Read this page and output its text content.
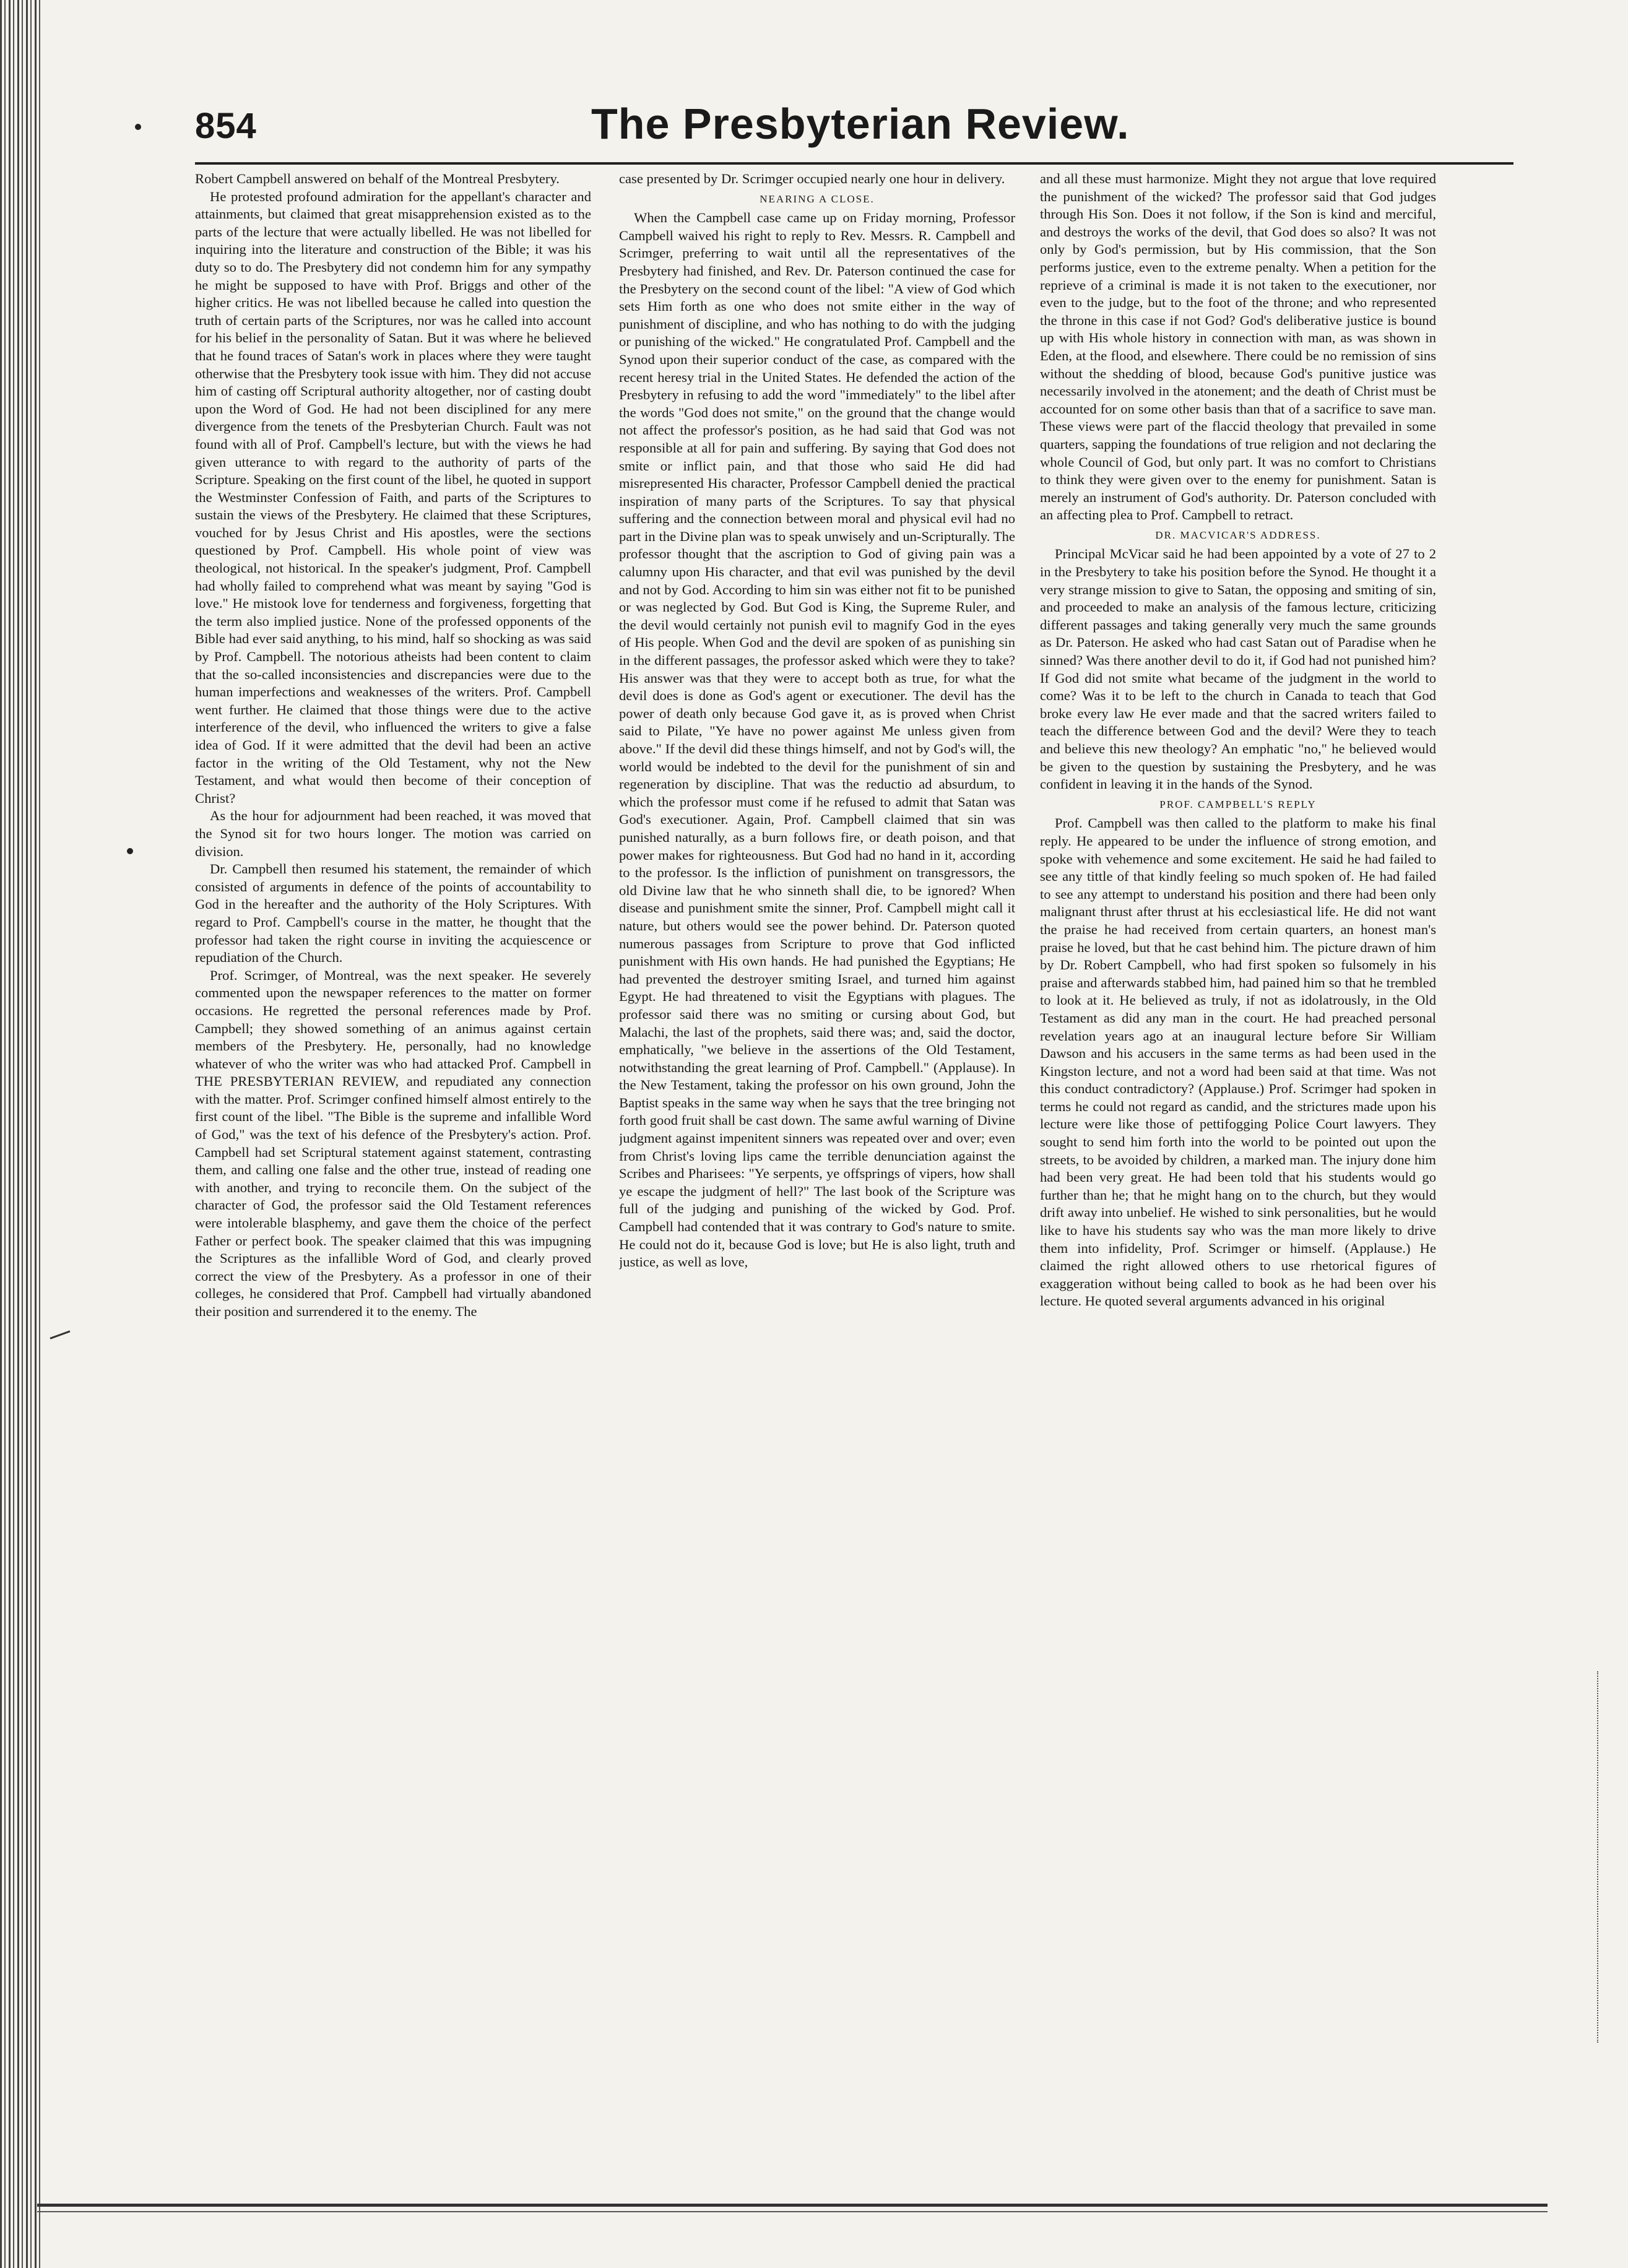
854	The Presbyterian Review.

Robert Campbell answered on behalf of the Montreal Presbytery.

He protested profound admiration for the appellant's character and attainments, but claimed that great misapprehension existed as to the parts of the lecture that were actually libelled. He was not libelled for inquiring into the literature and construction of the Bible; it was his duty so to do. The Presbytery did not condemn him for any sympathy he might be supposed to have with Prof. Briggs and other of the higher critics. He was not libelled because he called into question the truth of certain parts of the Scriptures, nor was he called into account for his belief in the personality of Satan. But it was where he believed that he found traces of Satan's work in places where they were taught otherwise that the Presbytery took issue with him. They did not accuse him of casting off Scriptural authority altogether, nor of casting doubt upon the Word of God. He had not been disciplined for any mere divergence from the tenets of the Presbyterian Church. Fault was not found with all of Prof. Campbell's lecture, but with the views he had given utterance to with regard to the authority of parts of the Scripture. Speaking on the first count of the libel, he quoted in support the Westminster Confession of Faith, and parts of the Scriptures to sustain the views of the Presbytery. He claimed that these Scriptures, vouched for by Jesus Christ and His apostles, were the sections questioned by Prof. Campbell. His whole point of view was theological, not historical. In the speaker's judgment, Prof. Campbell had wholly failed to comprehend what was meant by saying "God is love." He mistook love for tenderness and forgiveness, forgetting that the term also implied justice. None of the professed opponents of the Bible had ever said anything, to his mind, half so shocking as was said by Prof. Campbell. The notorious atheists had been content to claim that the so-called inconsistencies and discrepancies were due to the human imperfections and weaknesses of the writers. Prof. Campbell went further. He claimed that those things were due to the active interference of the devil, who influenced the writers to give a false idea of God. If it were admitted that the devil had been an active factor in the writing of the Old Testament, why not the New Testament, and what would then become of their conception of Christ?

As the hour for adjournment had been reached, it was moved that the Synod sit for two hours longer. The motion was carried on division.

Dr. Campbell then resumed his statement, the remainder of which consisted of arguments in defence of the points of accountability to God in the hereafter and the authority of the Holy Scriptures. With regard to Prof. Campbell's course in the matter, he thought that the professor had taken the right course in inviting the acquiescence or repudiation of the Church.

Prof. Scrimger, of Montreal, was the next speaker. He severely commented upon the newspaper references to the matter on former occasions. He regretted the personal references made by Prof. Campbell; they showed something of an animus against certain members of the Presbytery. He, personally, had no knowledge whatever of who the writer was who had attacked Prof. Campbell in THE PRESBYTERIAN REVIEW, and repudiated any connection with the matter. Prof. Scrimger confined himself almost entirely to the first count of the libel. "The Bible is the supreme and infallible Word of God," was the text of his defence of the Presbytery's action. Prof. Campbell had set Scriptural statement against statement, contrasting them, and calling one false and the other true, instead of reading one with another, and trying to reconcile them. On the subject of the character of God, the professor said the Old Testament references were intolerable blasphemy, and gave them the choice of the perfect Father or perfect book. The speaker claimed that this was impugning the Scriptures as the infallible Word of God, and clearly proved correct the view of the Presbytery. As a professor in one of their colleges, he considered that Prof. Campbell had virtually abandoned their position and surrendered it to the enemy. The

case presented by Dr. Scrimger occupied nearly one hour in delivery.

NEARING A CLOSE.

When the Campbell case came up on Friday morning, Professor Campbell waived his right to reply to Rev. Messrs. R. Campbell and Scrimger, preferring to wait until all the representatives of the Presbytery had finished, and Rev. Dr. Paterson continued the case for the Presbytery on the second count of the libel: "A view of God which sets Him forth as one who does not smite either in the way of punishment of discipline, and who has nothing to do with the judging or punishing of the wicked." He congratulated Prof. Campbell and the Synod upon their superior conduct of the case, as compared with the recent heresy trial in the United States. He defended the action of the Presbytery in refusing to add the word "immediately" to the libel after the words "God does not smite," on the ground that the change would not affect the professor's position, as he had said that God was not responsible at all for pain and suffering. By saying that God does not smite or inflict pain, and that those who said He did had misrepresented His character, Professor Campbell denied the practical inspiration of many parts of the Scriptures. To say that physical suffering and the connection between moral and physical evil had no part in the Divine plan was to speak unwisely and un-Scripturally. The professor thought that the ascription to God of giving pain was a calumny upon His character, and that evil was punished by the devil and not by God. According to him sin was either not fit to be punished or was neglected by God. But God is King, the Supreme Ruler, and the devil would certainly not punish evil to magnify God in the eyes of His people. When God and the devil are spoken of as punishing sin in the different passages, the professor asked which were they to take? His answer was that they were to accept both as true, for what the devil does is done as God's agent or executioner. The devil has the power of death only because God gave it, as is proved when Christ said to Pilate, "Ye have no power against Me unless given from above." If the devil did these things himself, and not by God's will, the world would be indebted to the devil for the punishment of sin and regeneration by discipline. That was the reductio ad absurdum, to which the professor must come if he refused to admit that Satan was God's executioner. Again, Prof. Campbell claimed that sin was punished naturally, as a burn follows fire, or death poison, and that power makes for righteousness. But God had no hand in it, according to the professor. Is the infliction of punishment on transgressors, the old Divine law that he who sinneth shall die, to be ignored? When disease and punishment smite the sinner, Prof. Campbell might call it nature, but others would see the power behind. Dr. Paterson quoted numerous passages from Scripture to prove that God inflicted punishment with His own hands. He had punished the Egyptians; He had prevented the destroyer smiting Israel, and turned him against Egypt. He had threatened to visit the Egyptians with plagues. The professor said there was no smiting or cursing about God, but Malachi, the last of the prophets, said there was; and, said the doctor, emphatically, "we believe in the assertions of the Old Testament, notwithstanding the great learning of Prof. Campbell." (Applause). In the New Testament, taking the professor on his own ground, John the Baptist speaks in the same way when he says that the tree bringing not forth good fruit shall be cast down. The same awful warning of Divine judgment against impenitent sinners was repeated over and over; even from Christ's loving lips came the terrible denunciation against the Scribes and Pharisees: "Ye serpents, ye offsprings of vipers, how shall ye escape the judgment of hell?" The last book of the Scripture was full of the judging and punishing of the wicked by God. Prof. Campbell had contended that it was contrary to God's nature to smite. He could not do it, because God is love; but He is also light, truth and justice, as well as love,

and all these must harmonize. Might they not argue that love required the punishment of the wicked? The professor said that God judges through His Son. Does it not follow, if the Son is kind and merciful, and destroys the works of the devil, that God does so also? It was not only by God's permission, but by His commission, that the Son performs justice, even to the extreme penalty. When a petition for the reprieve of a criminal is made it is not taken to the executioner, nor even to the judge, but to the foot of the throne; and who represented the throne in this case if not God? God's deliberative justice is bound up with His whole history in connection with man, as was shown in Eden, at the flood, and elsewhere. There could be no remission of sins without the shedding of blood, because God's punitive justice was necessarily involved in the atonement; and the death of Christ must be accounted for on some other basis than that of a sacrifice to save man. These views were part of the flaccid theology that prevailed in some quarters, sapping the foundations of true religion and not declaring the whole Council of God, but only part. It was no comfort to Christians to think they were given over to the enemy for punishment. Satan is merely an instrument of God's authority. Dr. Paterson concluded with an affecting plea to Prof. Campbell to retract.

DR. MACVICAR'S ADDRESS.

Principal McVicar said he had been appointed by a vote of 27 to 2 in the Presbytery to take his position before the Synod. He thought it a very strange mission to give to Satan, the opposing and smiting of sin, and proceeded to make an analysis of the famous lecture, criticizing different passages and taking generally very much the same grounds as Dr. Paterson. He asked who had cast Satan out of Paradise when he sinned? Was there another devil to do it, if God had not punished him? If God did not smite what became of the judgment in the world to come? Was it to be left to the church in Canada to teach that God broke every law He ever made and that the sacred writers failed to teach the difference between God and the devil? Were they to teach and believe this new theology? An emphatic "no," he believed would be given to the question by sustaining the Presbytery, and he was confident in leaving it in the hands of the Synod.

PROF. CAMPBELL'S REPLY

Prof. Campbell was then called to the platform to make his final reply. He appeared to be under the influence of strong emotion, and spoke with vehemence and some excitement. He said he had failed to see any tittle of that kindly feeling so much spoken of. He had failed to see any attempt to understand his position and there had been only malignant thrust after thrust at his ecclesiastical life. He did not want the praise he had received from certain quarters, an honest man's praise he loved, but that he cast behind him. The picture drawn of him by Dr. Robert Campbell, who had first spoken so fulsomely in his praise and afterwards stabbed him, had pained him so that he trembled to look at it. He believed as truly, if not as idolatrously, in the Old Testament as did any man in the court. He had preached personal revelation years ago at an inaugural lecture before Sir William Dawson and his accusers in the same terms as had been used in the Kingston lecture, and not a word had been said at that time. Was not this conduct contradictory? (Applause.) Prof. Scrimger had spoken in terms he could not regard as candid, and the strictures made upon his lecture were like those of pettifogging Police Court lawyers. They sought to send him forth into the world to be pointed out upon the streets, to be avoided by children, a marked man. The injury done him had been very great. He had been told that his students would go further than he; that he might hang on to the church, but they would drift away into unbelief. He wished to sink personalities, but he would like to have his students say who was the man more likely to drive them into infidelity, Prof. Scrimger or himself. (Applause.) He claimed the right allowed others to use rhetorical figures of exaggeration without being called to book as he had been over his lecture. He quoted several arguments advanced in his original
